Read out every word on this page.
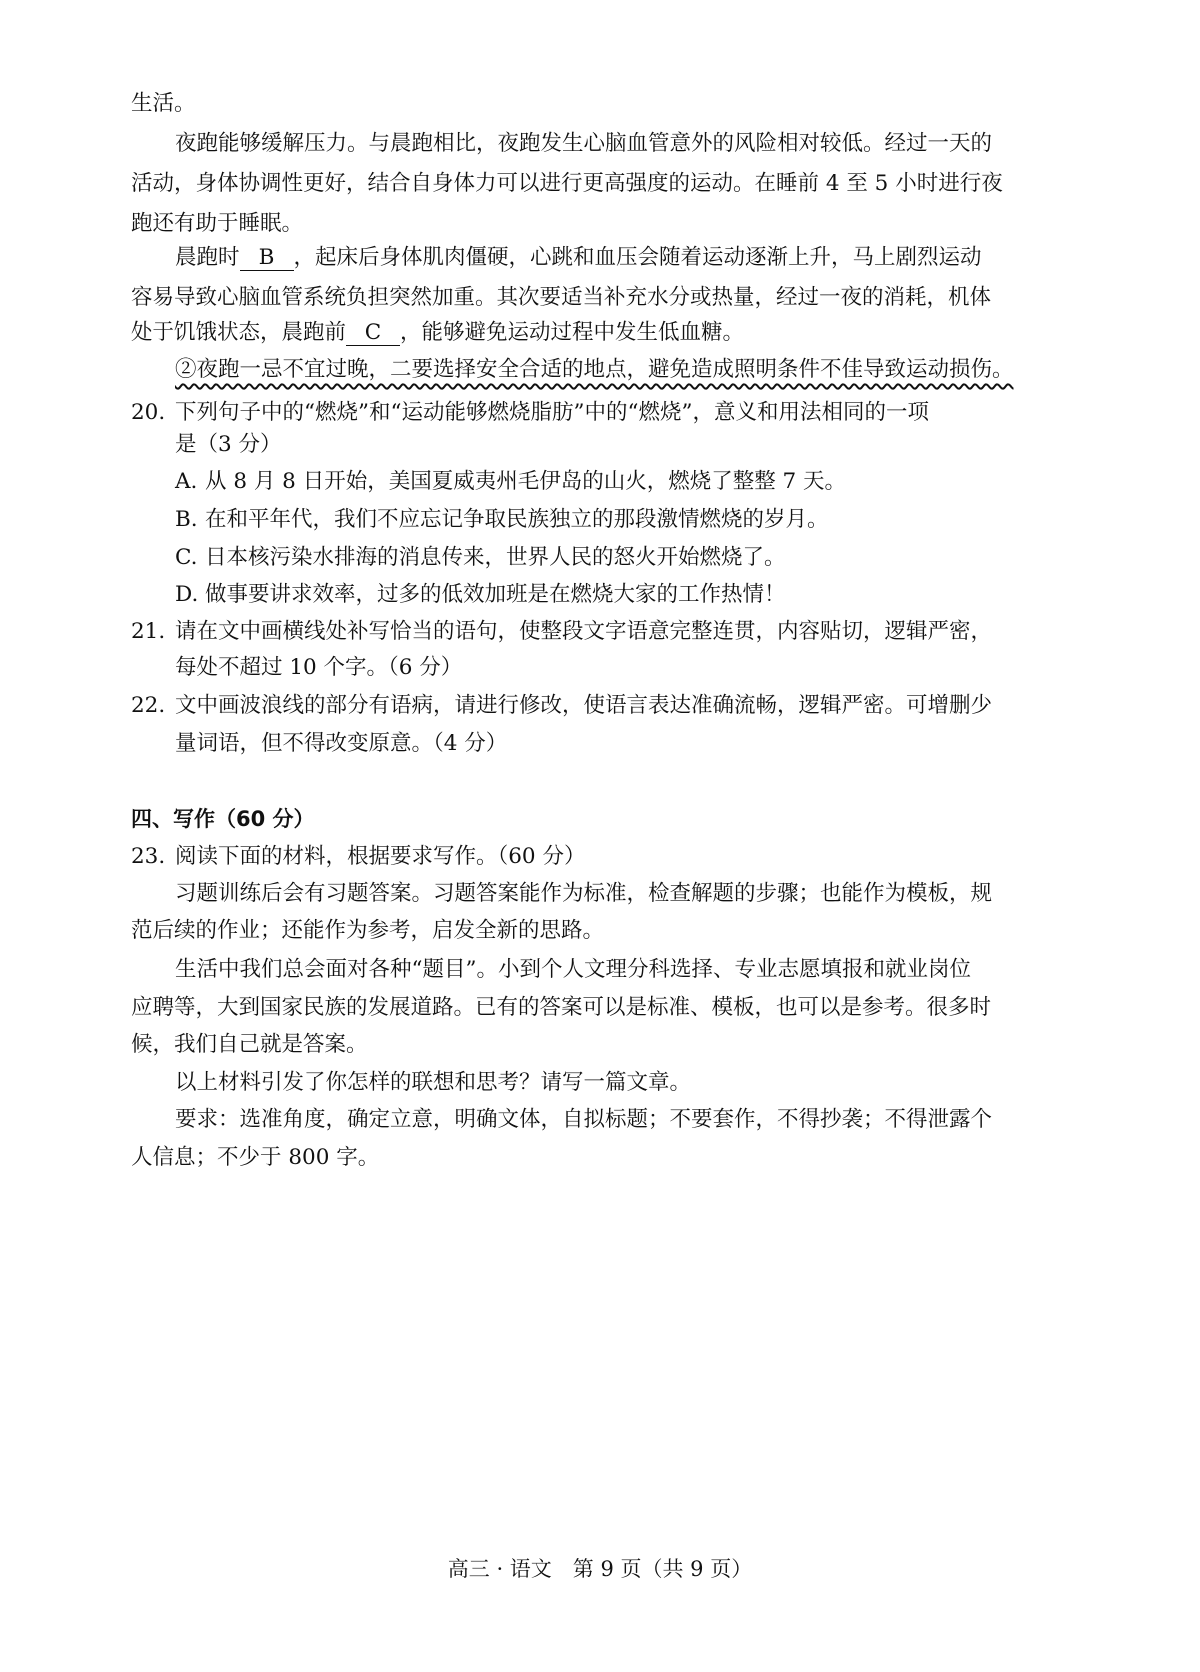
生活。
夜跑能够缓解压力。与晨跑相比，夜跑发生心脑血管意外的风险相对较低。经过一天的
活动，身体协调性更好，结合自身体力可以进行更高强度的运动。在睡前 4 至 5 小时进行夜
跑还有助于睡眠。
晨跑时 B ，起床后身体肌肉僵硬，心跳和血压会随着运动逐渐上升，马上剧烈运动
容易导致心脑血管系统负担突然加重。其次要适当补充水分或热量，经过一夜的消耗，机体
处于饥饿状态，晨跑前 C ，能够避免运动过程中发生低血糖。
②夜跑一忌不宜过晚，二要选择安全合适的地点，避免造成照明条件不佳导致运动损伤。
20. 下列句子中的“燃烧”和“运动能够燃烧脂肪”中的“燃烧”，意义和用法相同的一项
是（3 分）
A. 从 8 月 8 日开始，美国夏威夷州毛伊岛的山火，燃烧了整整 7 天。
B. 在和平年代，我们不应忘记争取民族独立的那段激情燃烧的岁月。
C. 日本核污染水排海的消息传来，世界人民的怒火开始燃烧了。
D. 做事要讲求效率，过多的低效加班是在燃烧大家的工作热情！
21. 请在文中画横线处补写恰当的语句，使整段文字语意完整连贯，内容贴切，逻辑严密，
每处不超过 10 个字。（6 分）
22. 文中画波浪线的部分有语病，请进行修改，使语言表达准确流畅，逻辑严密。可增删少
量词语，但不得改变原意。（4 分）
四、写作（60 分）
23. 阅读下面的材料，根据要求写作。（60 分）
习题训练后会有习题答案。习题答案能作为标准，检查解题的步骤；也能作为模板，规
范后续的作业；还能作为参考，启发全新的思路。
生活中我们总会面对各种“题目”。小到个人文理分科选择、专业志愿填报和就业岗位
应聘等，大到国家民族的发展道路。已有的答案可以是标准、模板，也可以是参考。很多时
候，我们自己就是答案。
以上材料引发了你怎样的联想和思考？请写一篇文章。
要求：选准角度，确定立意，明确文体，自拟标题；不要套作，不得抄袭；不得泄露个
人信息；不少于 800 字。
高三 · 语文　第 9 页（共 9 页）
